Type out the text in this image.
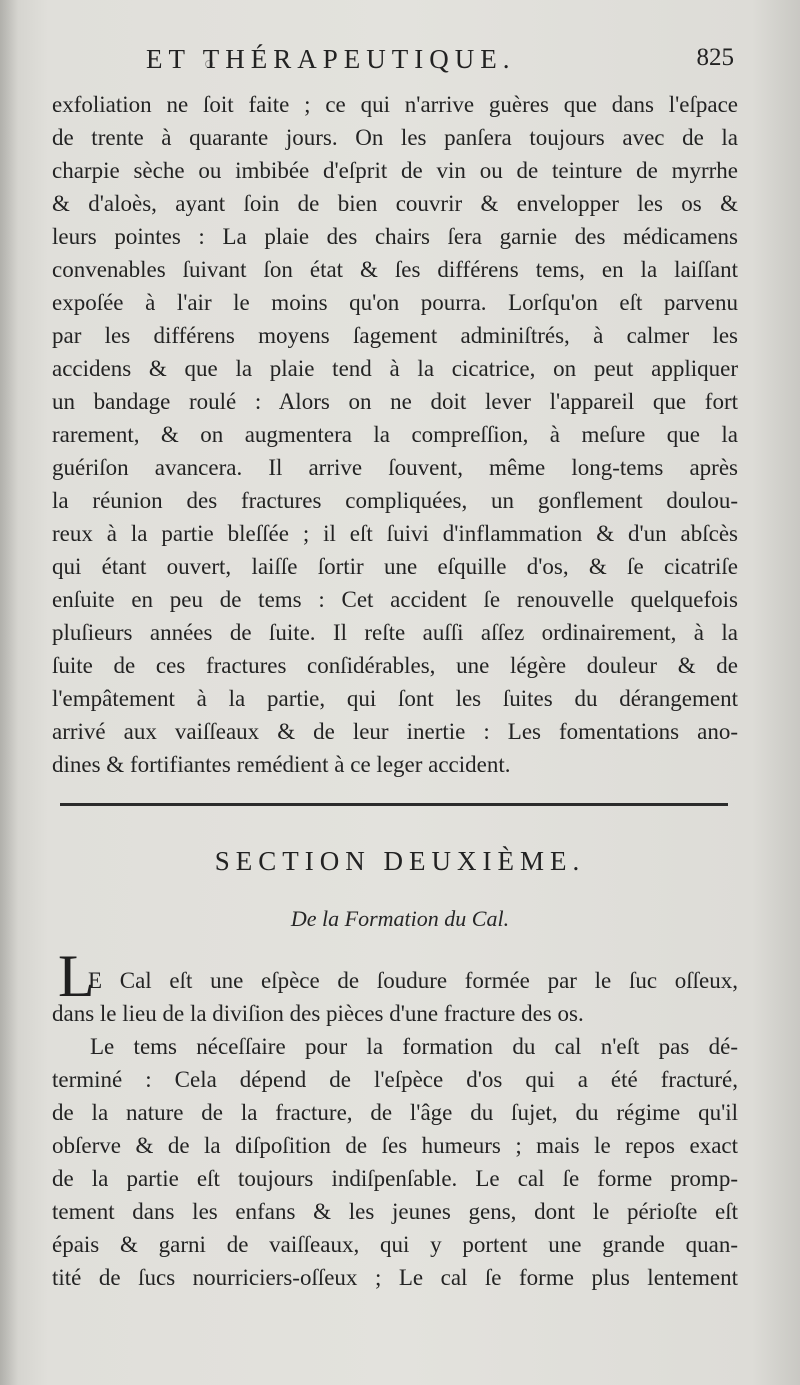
ET THÉRAPEUTIQUE.	825
exfoliation ne ſoit faite ; ce qui n'arrive guères que dans l'eſpace
de trente à quarante jours. On les panſera toujours avec de la
charpie sèche ou imbibée d'eſprit de vin ou de teinture de myrrhe
& d'aloès, ayant ſoin de bien couvrir & envelopper les os &
leurs pointes : La plaie des chairs ſera garnie des médicamens
convenables ſuivant ſon état & ſes différens tems, en la laiſſant
expoſée à l'air le moins qu'on pourra. Lorſqu'on eſt parvenu
par les différens moyens ſagement adminiſtrés, à calmer les
accidens & que la plaie tend à la cicatrice, on peut appliquer
un bandage roulé : Alors on ne doit lever l'appareil que fort
rarement, & on augmentera la compreſſion, à meſure que la
guériſon avancera. Il arrive ſouvent, même long-tems après
la réunion des fractures compliquées, un gonflement doulou-
reux à la partie bleſſée ; il eſt ſuivi d'inflammation & d'un abſcès
qui étant ouvert, laiſſe ſortir une eſquille d'os, & ſe cicatriſe
enſuite en peu de tems : Cet accident ſe renouvelle quelquefois
pluſieurs années de ſuite. Il reſte auſſi aſſez ordinairement, à la
ſuite de ces fractures conſidérables, une légère douleur & de
l'empâtement à la partie, qui ſont les ſuites du dérangement
arrivé aux vaiſſeaux & de leur inertie : Les fomentations ano-
dines & fortifiantes remédient à ce leger accident.
SECTION DEUXIÈME.
De la Formation du Cal.
L
E Cal eſt une eſpèce de ſoudure formée par le ſuc oſſeux,
dans le lieu de la diviſion des pièces d'une fracture des os.
Le tems néceſſaire pour la formation du cal n'eſt pas dé-
terminé : Cela dépend de l'eſpèce d'os qui a été fracturé,
de la nature de la fracture, de l'âge du ſujet, du régime qu'il
obſerve & de la diſpoſition de ſes humeurs ; mais le repos exact
de la partie eſt toujours indiſpenſable. Le cal ſe forme promp-
tement dans les enfans & les jeunes gens, dont le périoſte eſt
épais & garni de vaiſſeaux, qui y portent une grande quan-
tité de ſucs nourriciers-oſſeux ; Le cal ſe forme plus lentement
